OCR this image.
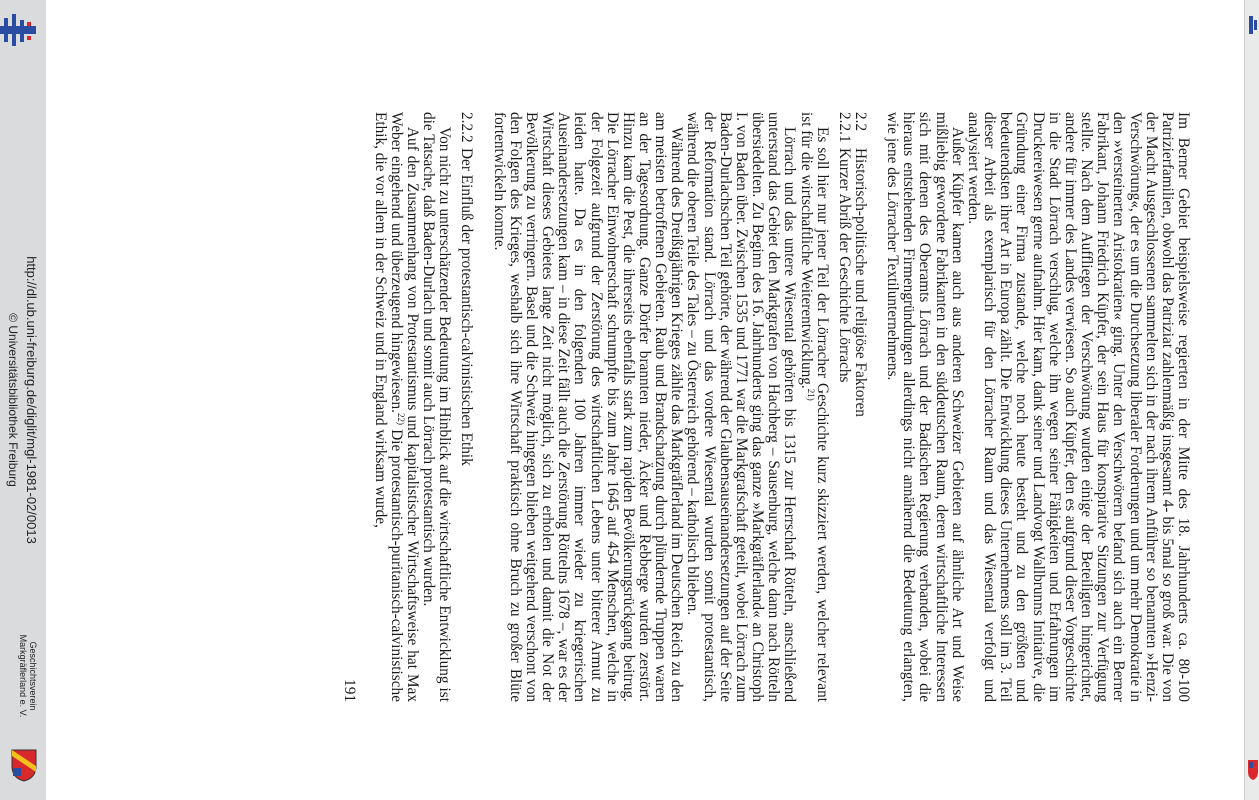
http://dl.ub.uni-freiburg.de/diglit/mgl-1981-02/0013
© Universitätsbibliothek Freiburg
Geschichtsverein
Markgräflerland e. V.	Im Berner Gebiet beispielsweise regierten in der Mitte des 18. Jahrhunderts ca. 80-100 Patrizierfamilien, obwohl das Patriziat zahlenmäßig insgesamt 4- bis 5mal so groß war. Die von der Macht Ausgeschlossenen sammelten sich in der nach ihrem Anführer so benannten »Henzi-Verschwörung«, der es um die Durchsetzung liberaler Forderungen und um mehr Demokratie in den »versteinerten Aristokratien« ging. Unter den Verschwörern befand sich auch ein Berner Fabrikant, Johann Friedrich Küpfer, der sein Haus für konspirative Sitzungen zur Verfügung stellte. Nach dem Auffliegen der Verschwörung wurden einige der Beteiligten hingerichtet, andere für immer des Landes verwiesen. So auch Küpfer, den es aufgrund dieser Vorgeschichte in die Stadt Lörrach verschlug, welche ihn wegen seiner Fähigkeiten und Erfahrungen im Druckereiwesen gerne aufnahm. Hier kam, dank seiner und Landvogt Wallbrunns Initiative, die Gründung einer Firma zustande, welche noch heute besteht und zu den größten und bedeutendsten ihrer Art in Europa zählt. Die Entwicklung dieses Unternehmens soll im 3. Teil dieser Arbeit als exemplarisch für den Lörracher Raum und das Wiesental verfolgt und analysiert werden.

Außer Küpfer kamen auch aus anderen Schweizer Gebieten auf ähnliche Art und Weise mißliebig gewordene Fabrikanten in den süddeutschen Raum, deren wirtschaftliche Interessen sich mit denen des Oberamts Lörrach und der Badischen Regierung verbanden, wobei die hieraus entstehenden Firmengründungen allerdings nicht annähernd die Bedeutung erlangten, wie jene des Lörracher Textilunternehmens.

2.2Historisch-politische und religiöse Faktoren

2.2.1Kurzer Abriß der Geschichte Lörrachs

Es soll hier nur jener Teil der Lörracher Geschichte kurz skizziert werden, welcher relevant ist für die wirtschaftliche Weiterentwicklung.$^{21)}$

Lörrach und das untere Wiesental gehörten bis 1315 zur Herrschaft Rötteln, anschließend unterstand das Gebiet den Markgrafen von Hachberg – Sausenburg, welche dann nach Rötteln übersiedelten. Zu Beginn des 16. Jahrhunderts ging das ganze »Markgräflerland« an Christoph I. von Baden über. Zwischen 1535 und 1771 war die Markgrafschaft geteilt, wobei Lörrach zum Baden-Durlachschen Teil gehörte, der während der Glaubensauseinandersetzungen auf der Seite der Reformation stand. Lörrach und das vordere Wiesental wurden somit protestantisch, während die oberen Teile des Tales – zu Österreich gehörend – katholisch blieben.

Während des Dreißigjährigen Krieges zählte das Markgräflerland im Deutschen Reich zu den am meisten betroffenen Gebieten. Raub und Brandschatzung durch plündernde Truppen waren an der Tagesordnung. Ganze Dörfer brannten nieder, Äcker und Rebberge wurden zerstört. Hinzu kam die Pest, die ihrerseits ebenfalls stark zum rapiden Bevölkerungsrückgang beitrug. Die Lörracher Einwohnerschaft schrumpfte bis zum Jahre 1645 auf 454 Menschen, welche in der Folgezeit aufgrund der Zerstörung des wirtschaftlichen Lebens unter bitterer Armut zu leiden hatte. Da es in den folgenden 100 Jahren immer wieder zu kriegerischen Auseinandersetzungen kam – in diese Zeit fällt auch die Zerstörung Röttelns 1678 –, war es der Wirtschaft dieses Gebietes lange Zeit nicht möglich, sich zu erholen und damit die Not der Bevölkerung zu verringern. Basel und die Schweiz hingegen blieben weitgehend verschont von den Folgen des Krieges, weshalb sich ihre Wirtschaft praktisch ohne Bruch zu großer Blüte fortentwickeln konnte.

2.2.2Der Einfluß der protestantisch-calvinistischen Ethik

Von nicht zu unterschätzender Bedeutung im Hinblick auf die wirtschaftliche Entwicklung ist die Tatsache, daß Baden-Durlach und somit auch Lörrach protestantisch wurden.

Auf den Zusammenhang von Protestantismus und kapitalistischer Wirtschaftsweise hat Max Weber eingehend und überzeugend hingewiesen.$^{22)}$ Die protestantisch-puritanisch-calvinistische Ethik, die vor allem in der Schweiz und in England wirksam wurde,

191
